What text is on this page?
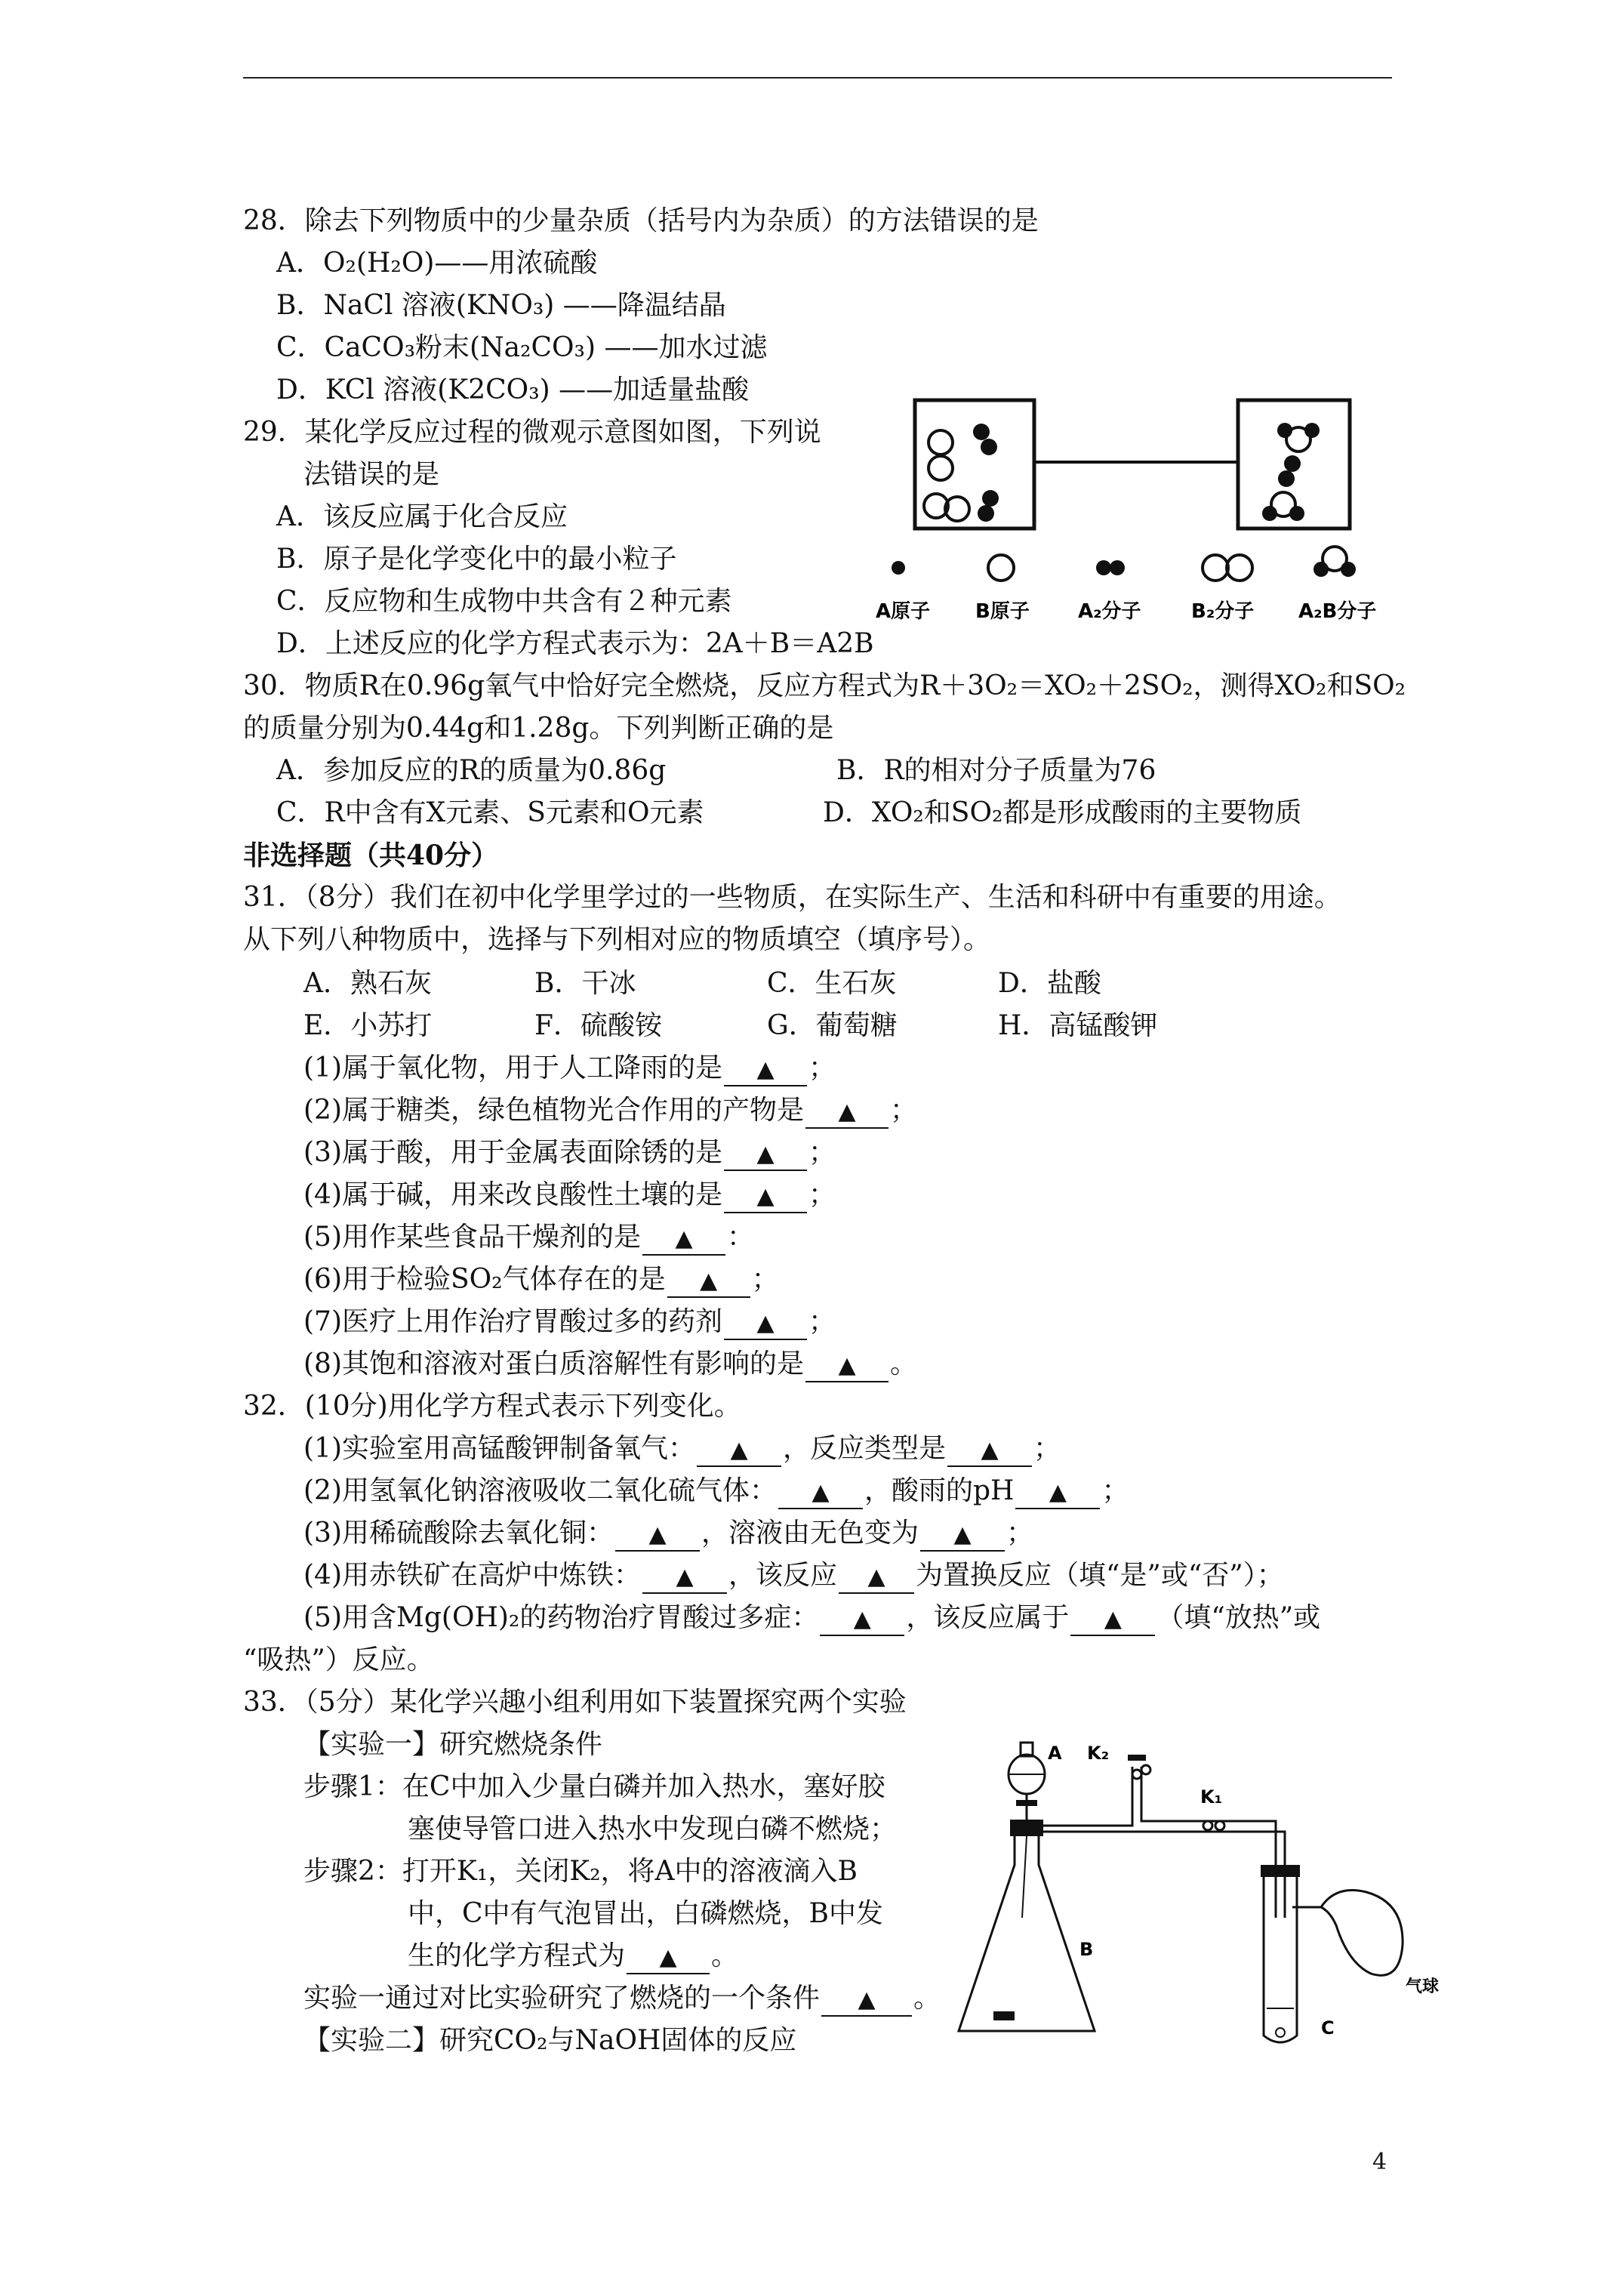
28．除去下列物质中的少量杂质（括号内为杂质）的方法错误的是
A．O₂(H₂O)——用浓硫酸
B．NaCl 溶液(KNO₃) ——降温结晶
C．CaCO₃粉末(Na₂CO₃) ——加水过滤
D．KCl 溶液(K2CO₃) ——加适量盐酸
29．某化学反应过程的微观示意图如图，下列说
法错误的是
A．该反应属于化合反应
B．原子是化学变化中的最小粒子
C．反应物和生成物中共含有２种元素
D．上述反应的化学方程式表示为：2A＋B＝A2B
A原子 B原子 A₂分子	B₂分子 A₂B分子
30．物质R在0.96g氧气中恰好完全燃烧，反应方程式为R＋3O₂＝XO₂＋2SO₂，测得XO₂和SO₂
的质量分别为0.44g和1.28g。下列判断正确的是
A．参加反应的R的质量为0.86g	B．R的相对分子质量为76
C．R中含有X元素、S元素和O元素	D．XO₂和SO₂都是形成酸雨的主要物质
非选择题（共40分）
31．（8分）我们在初中化学里学过的一些物质，在实际生产、生活和科研中有重要的用途。
从下列八种物质中，选择与下列相对应的物质填空（填序号）。
A．熟石灰	B．干冰	C．生石灰	D．盐酸
E．小苏打	F．硫酸铵	G．葡萄糖	H．高锰酸钾
(1)属于氧化物，用于人工降雨的是 ▲ ；
(2)属于糖类，绿色植物光合作用的产物是 ▲ ；
(3)属于酸，用于金属表面除锈的是 ▲ ；
(4)属于碱，用来改良酸性土壤的是 ▲ ；
(5)用作某些食品干燥剂的是 ▲ ：
(6)用于检验SO₂气体存在的是 ▲ ；
(7)医疗上用作治疗胃酸过多的药剂 ▲ ；
(8)其饱和溶液对蛋白质溶解性有影响的是 ▲ 。
32．(10分)用化学方程式表示下列变化。
(1)实验室用高锰酸钾制备氧气： ▲ ，反应类型是 ▲ ；
(2)用氢氧化钠溶液吸收二氧化硫气体： ▲ ，酸雨的pH ▲ ；
(3)用稀硫酸除去氧化铜： ▲ ，溶液由无色变为 ▲ ；
(4)用赤铁矿在高炉中炼铁： ▲ ，该反应 ▲ 为置换反应（填“是”或“否”）；
(5)用含Mg(OH)₂的药物治疗胃酸过多症： ▲ ，该反应属于 ▲ （填“放热”或
“吸热”）反应。
33．（5分）某化学兴趣小组利用如下装置探究两个实验
【实验一】研究燃烧条件
步骤1：在C中加入少量白磷并加入热水，塞好胶
塞使导管口进入热水中发现白磷不燃烧；
步骤2：打开K₁，关闭K₂，将A中的溶液滴入B
中，C中有气泡冒出，白磷燃烧，B中发
生的化学方程式为 ▲ 。
实验一通过对比实验研究了燃烧的一个条件 ▲ 。
【实验二】研究CO₂与NaOH固体的反应
A
B
K₂
K₁
C
气球
4
